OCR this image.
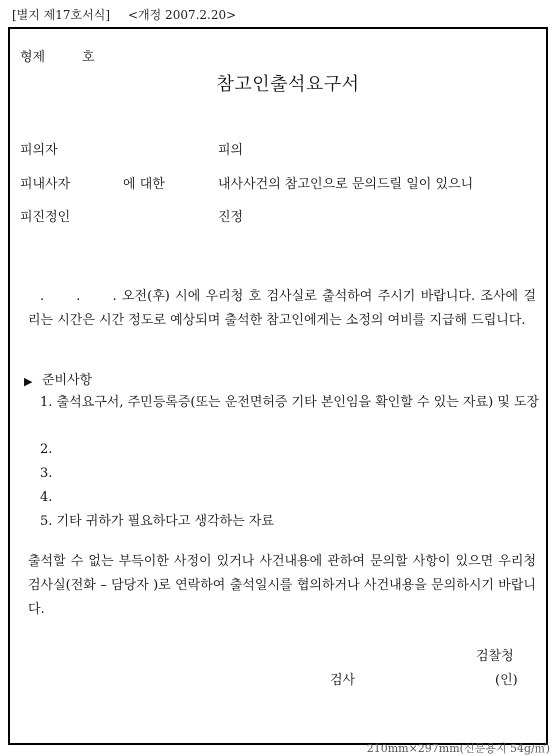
[별지 제17호서식] <개정 2007.2.20>
형제	호
참고인출석요구서
피의자	피의
피내사자	에 대한	내사사건의 참고인으로 문의드릴 일이 있으니
피진정인	진정
. . .
오전(후) 시에 우리청 호 검사실로 출석하여 주시기 바랍니다. 조사에 걸리는 시간은 시간 정도로 예상되며 출석한 참고인에게는 소정의 여비를 지급해 드립니다.
▶ 준비사항
1. 출석요구서, 주민등록증(또는 운전면허증 기타 본인임을 확인할 수 있는 자료) 및 도장
2.
3.
4.
5. 기타 귀하가 필요하다고 생각하는 자료
출석할 수 없는 부득이한 사정이 있거나 사건내용에 관하여 문의할 사항이 있으면 우리청 검사실(전화 – 담당자 )로 연락하여 출석일시를 협의하거나 사건내용을 문의하시기 바랍니다.
검찰청
검사	(인)
210mm×297mm(신문용지 54g/㎡)
